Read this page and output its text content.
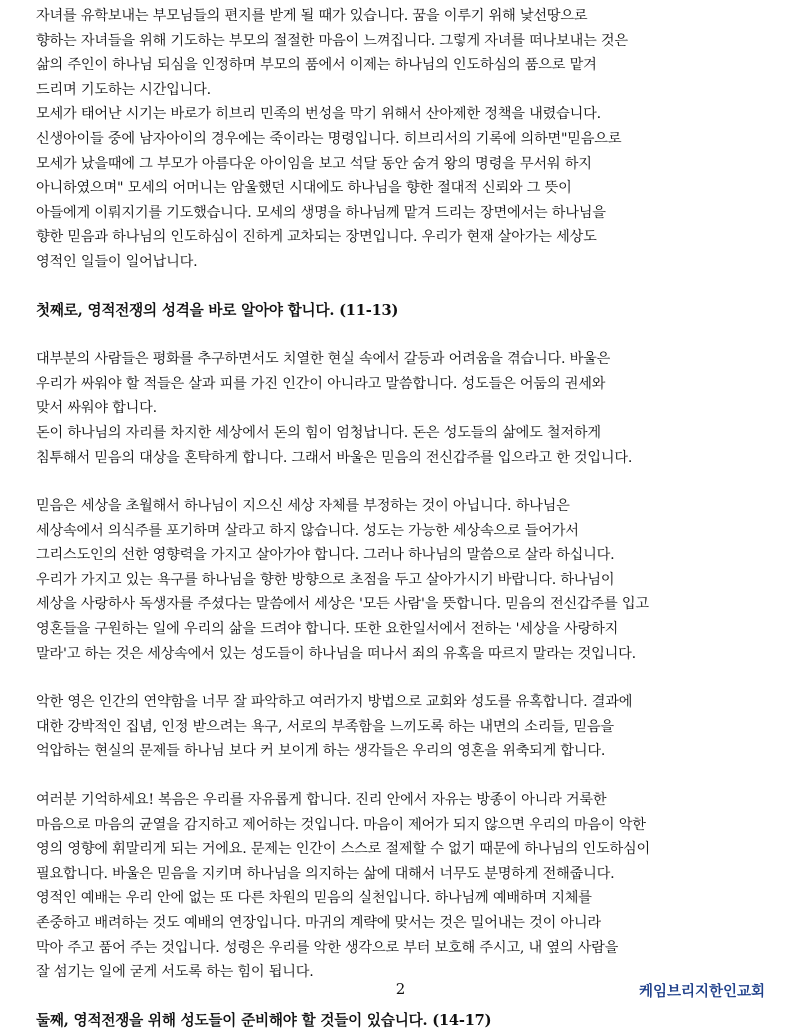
자녀를 유학보내는 부모님들의 편지를 받게 될 때가 있습니다. 꿈을 이루기 위해 낯선땅으로
향하는 자녀들을 위해 기도하는 부모의 절절한 마음이 느껴집니다. 그렇게 자녀를 떠나보내는 것은
삶의 주인이 하나님 되심을 인정하며 부모의 품에서 이제는 하나님의 인도하심의 품으로 맡겨
드리며 기도하는 시간입니다.
모세가 태어난 시기는 바로가 히브리 민족의 번성을 막기 위해서 산아제한 정책을 내렸습니다.
신생아이들 중에 남자아이의 경우에는 죽이라는 명령입니다. 히브리서의 기록에 의하면"믿음으로
모세가 났을때에 그 부모가 아름다운 아이임을 보고 석달 동안 숨겨 왕의 명령을 무서워 하지
아니하였으며" 모세의 어머니는 암울했던 시대에도 하나님을 향한 절대적 신뢰와 그 뜻이
아들에게 이뤄지기를 기도했습니다. 모세의 생명을 하나님께 맡겨 드리는 장면에서는 하나님을
향한 믿음과 하나님의 인도하심이 진하게 교차되는 장면입니다. 우리가 현재 살아가는 세상도
영적인 일들이 일어납니다.

첫째로, 영적전쟁의 성격을 바로 알아야 합니다. (11-13)

대부분의 사람들은 평화를 추구하면서도 치열한 현실 속에서 갈등과 어려움을 겪습니다. 바울은
우리가 싸워야 할 적들은 살과 피를 가진 인간이 아니라고 말씀합니다. 성도들은 어둠의 권세와
맞서 싸워야 합니다.
돈이 하나님의 자리를 차지한 세상에서 돈의 힘이 엄청납니다. 돈은 성도들의 삶에도 철저하게
침투해서 믿음의 대상을 혼탁하게 합니다. 그래서 바울은 믿음의 전신갑주를 입으라고 한 것입니다.
믿음은 세상을 초월해서 하나님이 지으신 세상 자체를 부정하는 것이 아닙니다. 하나님은
세상속에서 의식주를 포기하며 살라고 하지 않습니다. 성도는 가능한 세상속으로 들어가서
그리스도인의 선한 영향력을 가지고 살아가야 합니다. 그러나 하나님의 말씀으로 살라 하십니다.
우리가 가지고 있는 욕구를 하나님을 향한 방향으로 초점을 두고 살아가시기 바랍니다. 하나님이
세상을 사랑하사 독생자를 주셨다는 말씀에서 세상은 '모든 사람'을 뜻합니다. 믿음의 전신갑주를 입고
영혼들을 구원하는 일에 우리의 삶을 드려야 합니다. 또한 요한일서에서 전하는 '세상을 사랑하지
말라'고 하는 것은 세상속에서 있는 성도들이 하나님을 떠나서 죄의 유혹을 따르지 말라는 것입니다.
악한 영은 인간의 연약함을 너무 잘 파악하고 여러가지 방법으로 교회와 성도를 유혹합니다. 결과에
대한 강박적인 집념, 인정 받으려는 욕구, 서로의 부족함을 느끼도록 하는 내면의 소리들, 믿음을
억압하는 현실의 문제들 하나님 보다 커 보이게 하는 생각들은 우리의 영혼을 위축되게 합니다.
여러분 기억하세요! 복음은 우리를 자유롭게 합니다. 진리 안에서 자유는 방종이 아니라 거룩한
마음으로 마음의 균열을 감지하고 제어하는 것입니다. 마음이 제어가 되지 않으면 우리의 마음이 악한
영의 영향에 휘말리게 되는 거에요. 문제는 인간이 스스로 절제할 수 없기 때문에 하나님의 인도하심이
필요합니다. 바울은 믿음을 지키며 하나님을 의지하는 삶에 대해서 너무도 분명하게 전해줍니다.
영적인 예배는 우리 안에 없는 또 다른 차원의 믿음의 실천입니다. 하나님께 예배하며 지체를
존중하고 배려하는 것도 예배의 연장입니다. 마귀의 계략에 맞서는 것은 밀어내는 것이 아니라
막아 주고 품어 주는 것입니다. 성령은 우리를 악한 생각으로 부터 보호해 주시고, 내 옆의 사람을
잘 섬기는 일에 굳게 서도록 하는 힘이 됩니다.

둘째, 영적전쟁을 위해 성도들이 준비해야 할 것들이 있습니다. (14-17)

2	케임브리지한인교회
